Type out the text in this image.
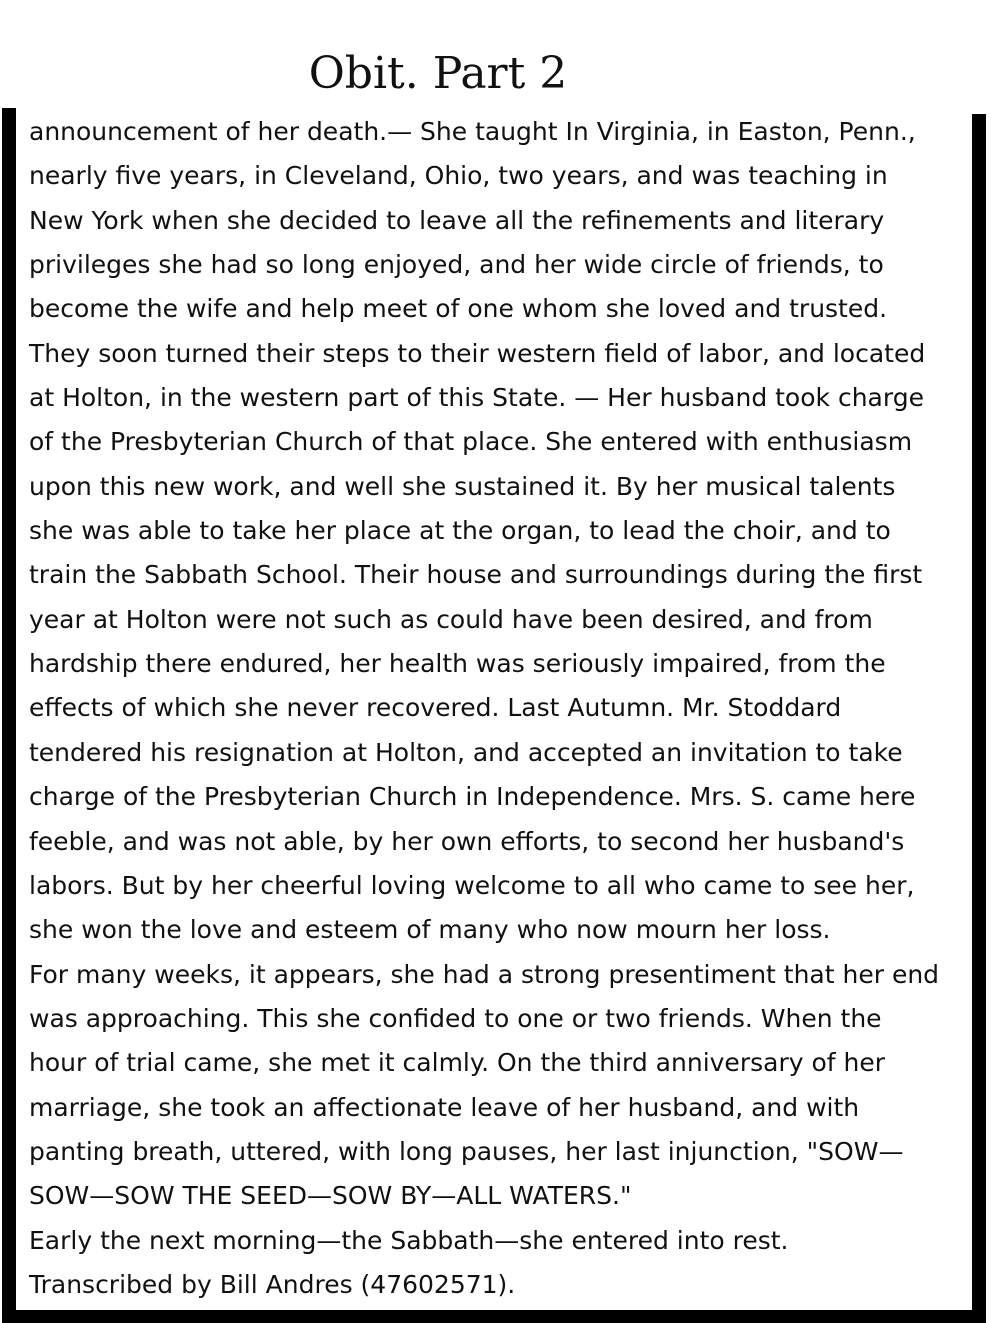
Obit. Part 2
announcement of her death.— She taught In Virginia, in Easton, Penn.,
nearly five years, in Cleveland, Ohio, two years, and was teaching in
New York when she decided to leave all the refinements and literary
privileges she had so long enjoyed, and her wide circle of friends, to
become the wife and help meet of one whom she loved and trusted.
They soon turned their steps to their western field of labor, and located
at Holton, in the western part of this State. — Her husband took charge
of the Presbyterian Church of that place. She entered with enthusiasm
upon this new work, and well she sustained it. By her musical talents
she was able to take her place at the organ, to lead the choir, and to
train the Sabbath School. Their house and surroundings during the first
year at Holton were not such as could have been desired, and from
hardship there endured, her health was seriously impaired, from the
effects of which she never recovered. Last Autumn. Mr. Stoddard
tendered his resignation at Holton, and accepted an invitation to take
charge of the Presbyterian Church in Independence. Mrs. S. came here
feeble, and was not able, by her own efforts, to second her husband's
labors. But by her cheerful loving welcome to all who came to see her,
she won the love and esteem of many who now mourn her loss.
For many weeks, it appears, she had a strong presentiment that her end
was approaching. This she confided to one or two friends. When the
hour of trial came, she met it calmly. On the third anniversary of her
marriage, she took an affectionate leave of her husband, and with
panting breath, uttered, with long pauses, her last injunction, "SOW—
SOW—SOW THE SEED—SOW BY—ALL WATERS."
Early the next morning—the Sabbath—she entered into rest.
Transcribed by Bill Andres (47602571).
